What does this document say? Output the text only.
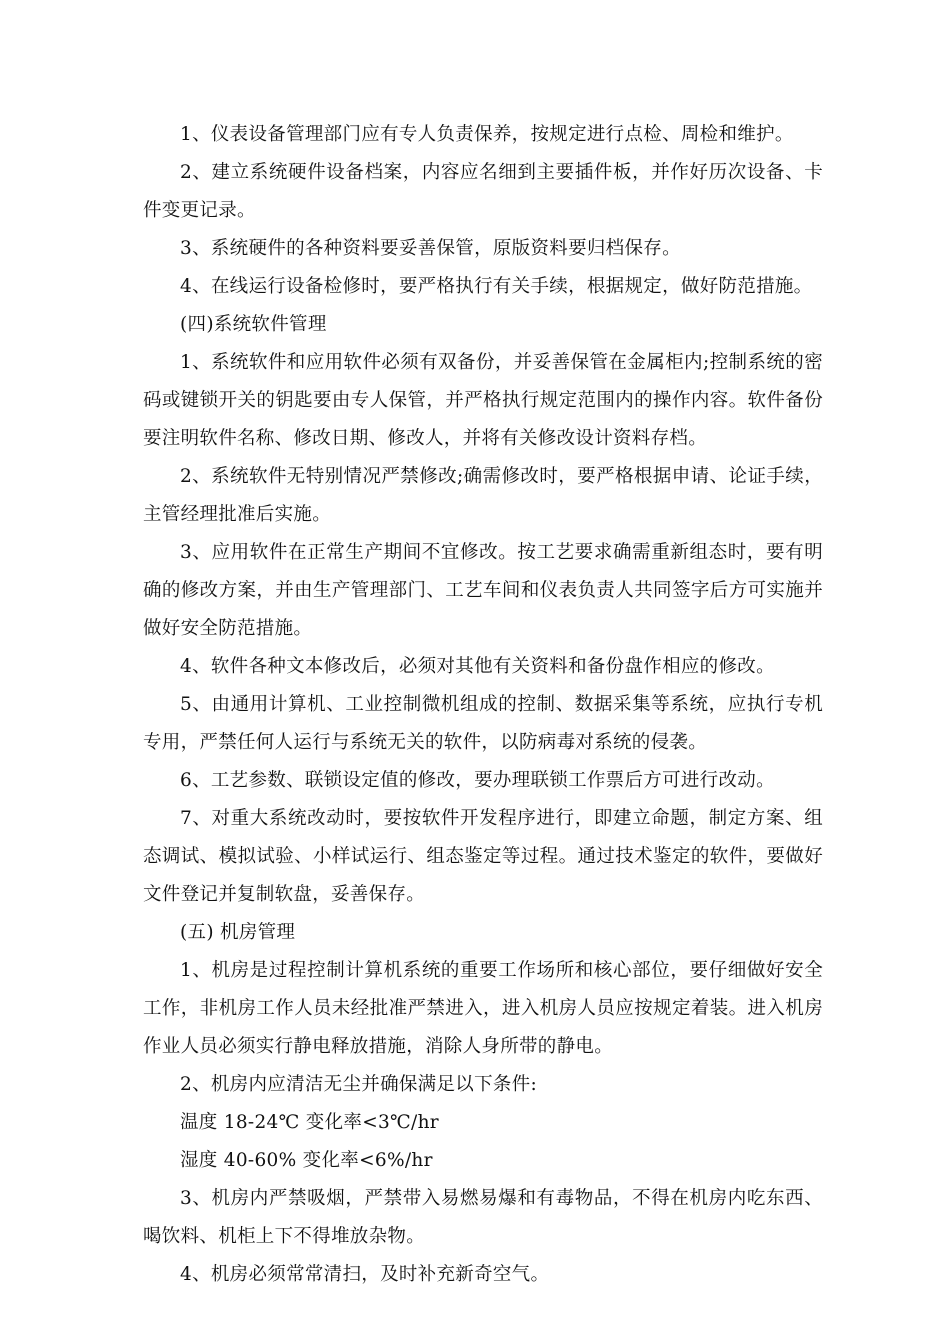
1、仪表设备管理部门应有专人负责保养，按规定进行点检、周检和维护。

2、建立系统硬件设备档案，内容应名细到主要插件板，并作好历次设备、卡件变更记录。

3、系统硬件的各种资料要妥善保管，原版资料要归档保存。

4、在线运行设备检修时，要严格执行有关手续，根据规定，做好防范措施。

(四)系统软件管理

1、系统软件和应用软件必须有双备份，并妥善保管在金属柜内;控制系统的密码或键锁开关的钥匙要由专人保管，并严格执行规定范围内的操作内容。软件备份要注明软件名称、修改日期、修改人，并将有关修改设计资料存档。

2、系统软件无特别情况严禁修改;确需修改时，要严格根据申请、论证手续，主管经理批准后实施。

3、应用软件在正常生产期间不宜修改。按工艺要求确需重新组态时，要有明确的修改方案，并由生产管理部门、工艺车间和仪表负责人共同签字后方可实施并做好安全防范措施。

4、软件各种文本修改后，必须对其他有关资料和备份盘作相应的修改。

5、由通用计算机、工业控制微机组成的控制、数据采集等系统，应执行专机专用，严禁任何人运行与系统无关的软件，以防病毒对系统的侵袭。

6、工艺参数、联锁设定值的修改，要办理联锁工作票后方可进行改动。

7、对重大系统改动时，要按软件开发程序进行，即建立命题，制定方案、组态调试、模拟试验、小样试运行、组态鉴定等过程。通过技术鉴定的软件，要做好文件登记并复制软盘，妥善保存。

(五) 机房管理

1、机房是过程控制计算机系统的重要工作场所和核心部位，要仔细做好安全工作，非机房工作人员未经批准严禁进入，进入机房人员应按规定着装。进入机房作业人员必须实行静电释放措施，消除人身所带的静电。

2、机房内应清洁无尘并确保满足以下条件:

温度 18-24℃ 变化率<3℃/hr

湿度 40-60% 变化率<6%/hr

3、机房内严禁吸烟，严禁带入易燃易爆和有毒物品，不得在机房内吃东西、喝饮料、机柜上下不得堆放杂物。

4、机房必须常常清扫，及时补充新奇空气。
